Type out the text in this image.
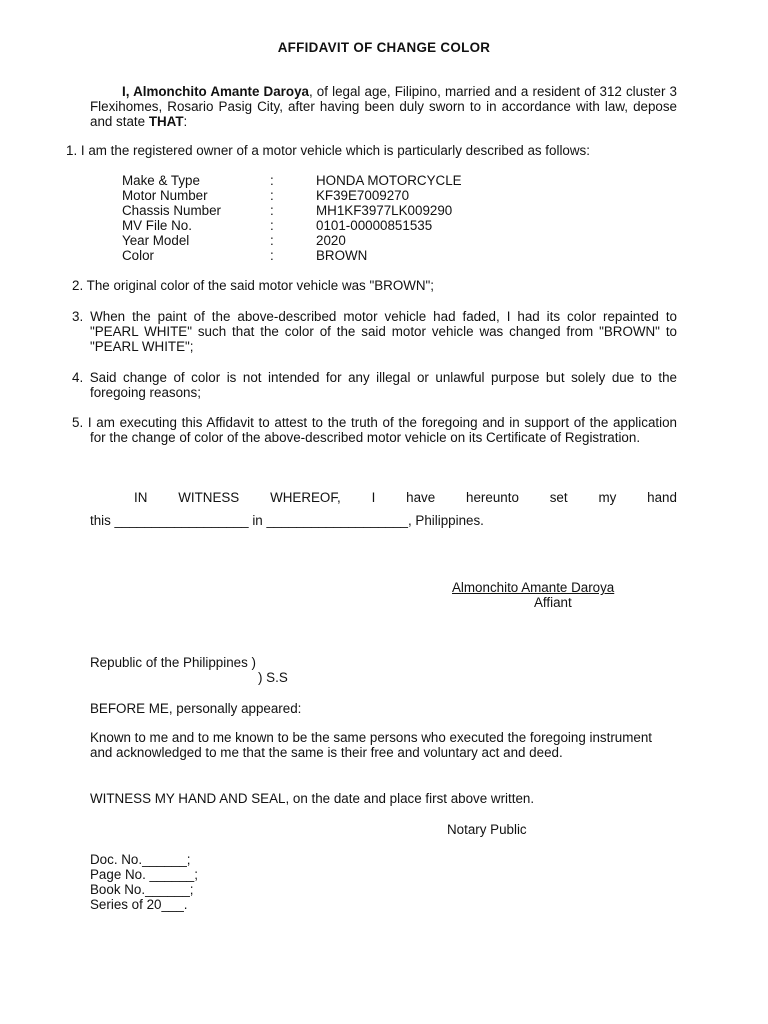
AFFIDAVIT OF CHANGE COLOR
I, Almonchito Amante Daroya, of legal age, Filipino, married and a resident of 312 cluster 3 Flexihomes, Rosario Pasig City, after having been duly sworn to in accordance with law, depose and state THAT:
1. I am the registered owner of a motor vehicle which is particularly described as follows:
Make & Type	:	HONDA MOTORCYCLE
Motor Number	:	KF39E7009270
Chassis Number	:	MH1KF3977LK009290
MV File No.	:	0101-00000851535
Year Model	:	2020
Color	:	BROWN
2. The original color of the said motor vehicle was "BROWN";
3. When the paint of the above-described motor vehicle had faded, I had its color repainted to "PEARL WHITE" such that the color of the said motor vehicle was changed from "BROWN" to "PEARL WHITE";
4. Said change of color is not intended for any illegal or unlawful purpose but solely due to the foregoing reasons;
5. I am executing this Affidavit to attest to the truth of the foregoing and in support of the application for the change of color of the above-described motor vehicle on its Certificate of Registration.
IN WITNESS WHEREOF, I have hereunto set my hand
this __________________ in ___________________, Philippines.
Almonchito Amante Daroya
Affiant
Republic of the Philippines )
) S.S
BEFORE ME, personally appeared:
Known to me and to me known to be the same persons who executed the foregoing instrument and acknowledged to me that the same is their free and voluntary act and deed.
WITNESS MY HAND AND SEAL, on the date and place first above written.
Notary Public
Doc. No.______;
Page No. ______;
Book No.______;
Series of 20___.
